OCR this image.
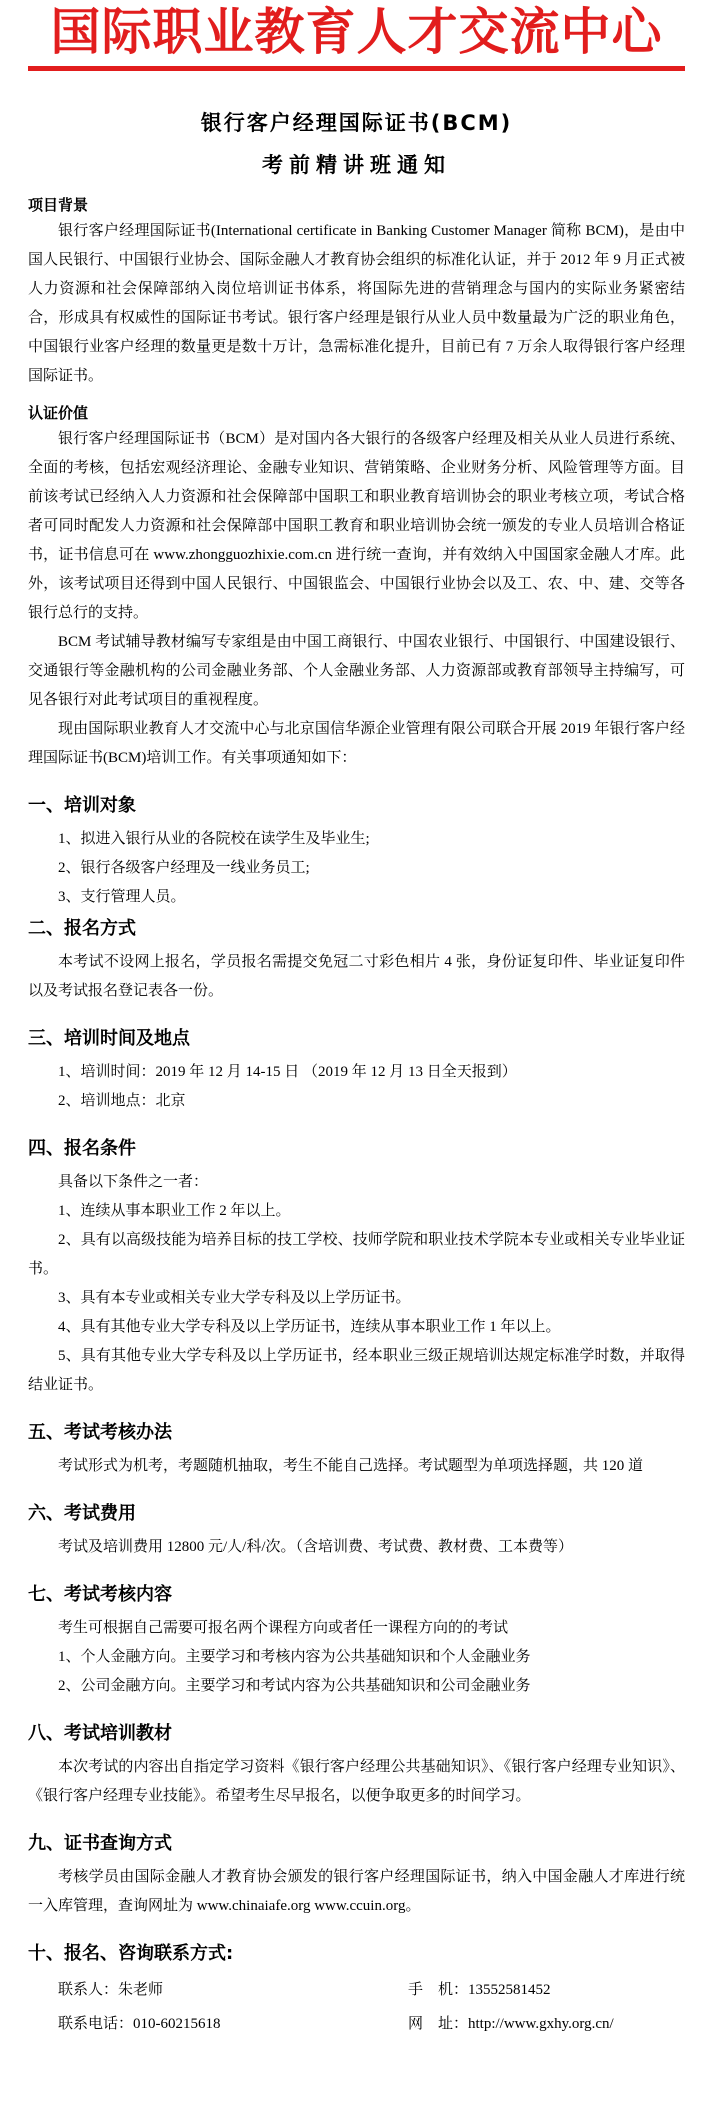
国际职业教育人才交流中心
银行客户经理国际证书(BCM)
考前精讲班通知
项目背景

银行客户经理国际证书(International certificate in Banking Customer Manager 简称 BCM)，是由中国人民银行、中国银行业协会、国际金融人才教育协会组织的标准化认证，并于 2012 年 9 月正式被人力资源和社会保障部纳入岗位培训证书体系，将国际先进的营销理念与国内的实际业务紧密结合，形成具有权威性的国际证书考试。银行客户经理是银行从业人员中数量最为广泛的职业角色，中国银行业客户经理的数量更是数十万计，急需标准化提升，目前已有 7 万余人取得银行客户经理国际证书。

认证价值

银行客户经理国际证书（BCM）是对国内各大银行的各级客户经理及相关从业人员进行系统、全面的考核，包括宏观经济理论、金融专业知识、营销策略、企业财务分析、风险管理等方面。目前该考试已经纳入人力资源和社会保障部中国职工和职业教育培训协会的职业考核立项，考试合格者可同时配发人力资源和社会保障部中国职工教育和职业培训协会统一颁发的专业人员培训合格证书，证书信息可在 www.zhongguozhixie.com.cn 进行统一查询，并有效纳入中国国家金融人才库。此外，该考试项目还得到中国人民银行、中国银监会、中国银行业协会以及工、农、中、建、交等各银行总行的支持。

BCM 考试辅导教材编写专家组是由中国工商银行、中国农业银行、中国银行、中国建设银行、交通银行等金融机构的公司金融业务部、个人金融业务部、人力资源部或教育部领导主持编写，可见各银行对此考试项目的重视程度。

现由国际职业教育人才交流中心与北京国信华源企业管理有限公司联合开展 2019 年银行客户经理国际证书(BCM)培训工作。有关事项通知如下：

一、培训对象
1、拟进入银行从业的各院校在读学生及毕业生;
2、银行各级客户经理及一线业务员工;
3、支行管理人员。
二、报名方式

本考试不设网上报名，学员报名需提交免冠二寸彩色相片 4 张，身份证复印件、毕业证复印件以及考试报名登记表各一份。

三、培训时间及地点
1、培训时间：2019 年 12 月 14-15 日 （2019 年 12 月 13 日全天报到）
2、培训地点：北京
四、报名条件
具备以下条件之一者：
1、连续从事本职业工作 2 年以上。

2、具有以高级技能为培养目标的技工学校、技师学院和职业技术学院本专业或相关专业毕业证书。

3、具有本专业或相关专业大学专科及以上学历证书。
4、具有其他专业大学专科及以上学历证书，连续从事本职业工作 1 年以上。

5、具有其他专业大学专科及以上学历证书，经本职业三级正规培训达规定标准学时数，并取得结业证书。

五、考试考核办法

考试形式为机考，考题随机抽取，考生不能自己选择。考试题型为单项选择题，共 120 道

六、考试费用

考试及培训费用 12800 元/人/科/次。（含培训费、考试费、教材费、工本费等）

七、考试考核内容
考生可根据自己需要可报名两个课程方向或者任一课程方向的的考试
1、个人金融方向。主要学习和考核内容为公共基础知识和个人金融业务
2、公司金融方向。主要学习和考试内容为公共基础知识和公司金融业务
八、考试培训教材

本次考试的内容出自指定学习资料《银行客户经理公共基础知识》、《银行客户经理专业知识》、《银行客户经理专业技能》。希望考生尽早报名，以便争取更多的时间学习。

九、证书查询方式

考核学员由国际金融人才教育协会颁发的银行客户经理国际证书，纳入中国金融人才库进行统一入库管理，查询网址为 www.chinaiafe.org www.ccuin.org。

十、报名、咨询联系方式:
联系人：朱老师	手　机：13552581452
联系电话：010-60215618	网　址：http://www.gxhy.org.cn/
